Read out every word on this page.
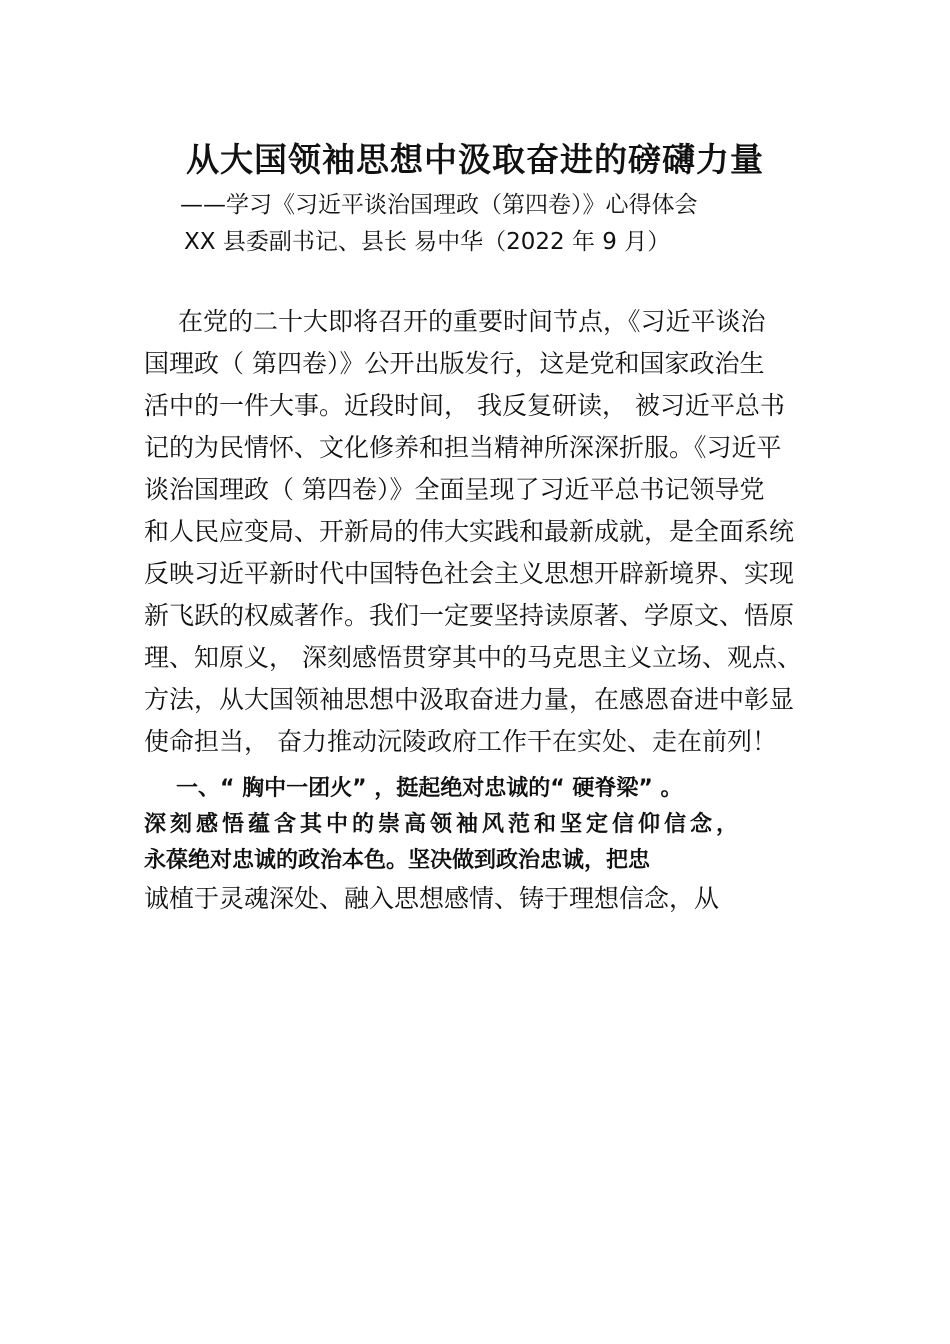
从大国领袖思想中汲取奋进的磅礴力量
——学习《习近平谈治国理政（第四卷）》心得体会
XX 县委副书记、县长 易中华（2022 年 9 月）
在党的二十大即将召开的重要时间节点，《习近平谈治
国理政（ 第四卷）》公开出版发行，这是党和国家政治生
活中的一件大事。近段时间， 我反复研读， 被习近平总书
记的为民情怀、文化修养和担当精神所深深折服。《习近平
谈治国理政（ 第四卷）》全面呈现了习近平总书记领导党
和人民应变局、开新局的伟大实践和最新成就，是全面系统
反映习近平新时代中国特色社会主义思想开辟新境界、实现
新飞跃的权威著作。我们一定要坚持读原著、学原文、悟原
理、知原义， 深刻感悟贯穿其中的马克思主义立场、观点、
方法，从大国领袖思想中汲取奋进力量，在感恩奋进中彰显
使命担当， 奋力推动沅陵政府工作干在实处、走在前列！
一、“ 胸中一团火” ，挺起绝对忠诚的“ 硬脊梁” 。
深刻感悟蕴含其中的崇高领袖风范和坚定信仰信念，
永葆绝对忠诚的政治本色。坚决做到政治忠诚，把忠
诚植于灵魂深处、融入思想感情、铸于理想信念，从
